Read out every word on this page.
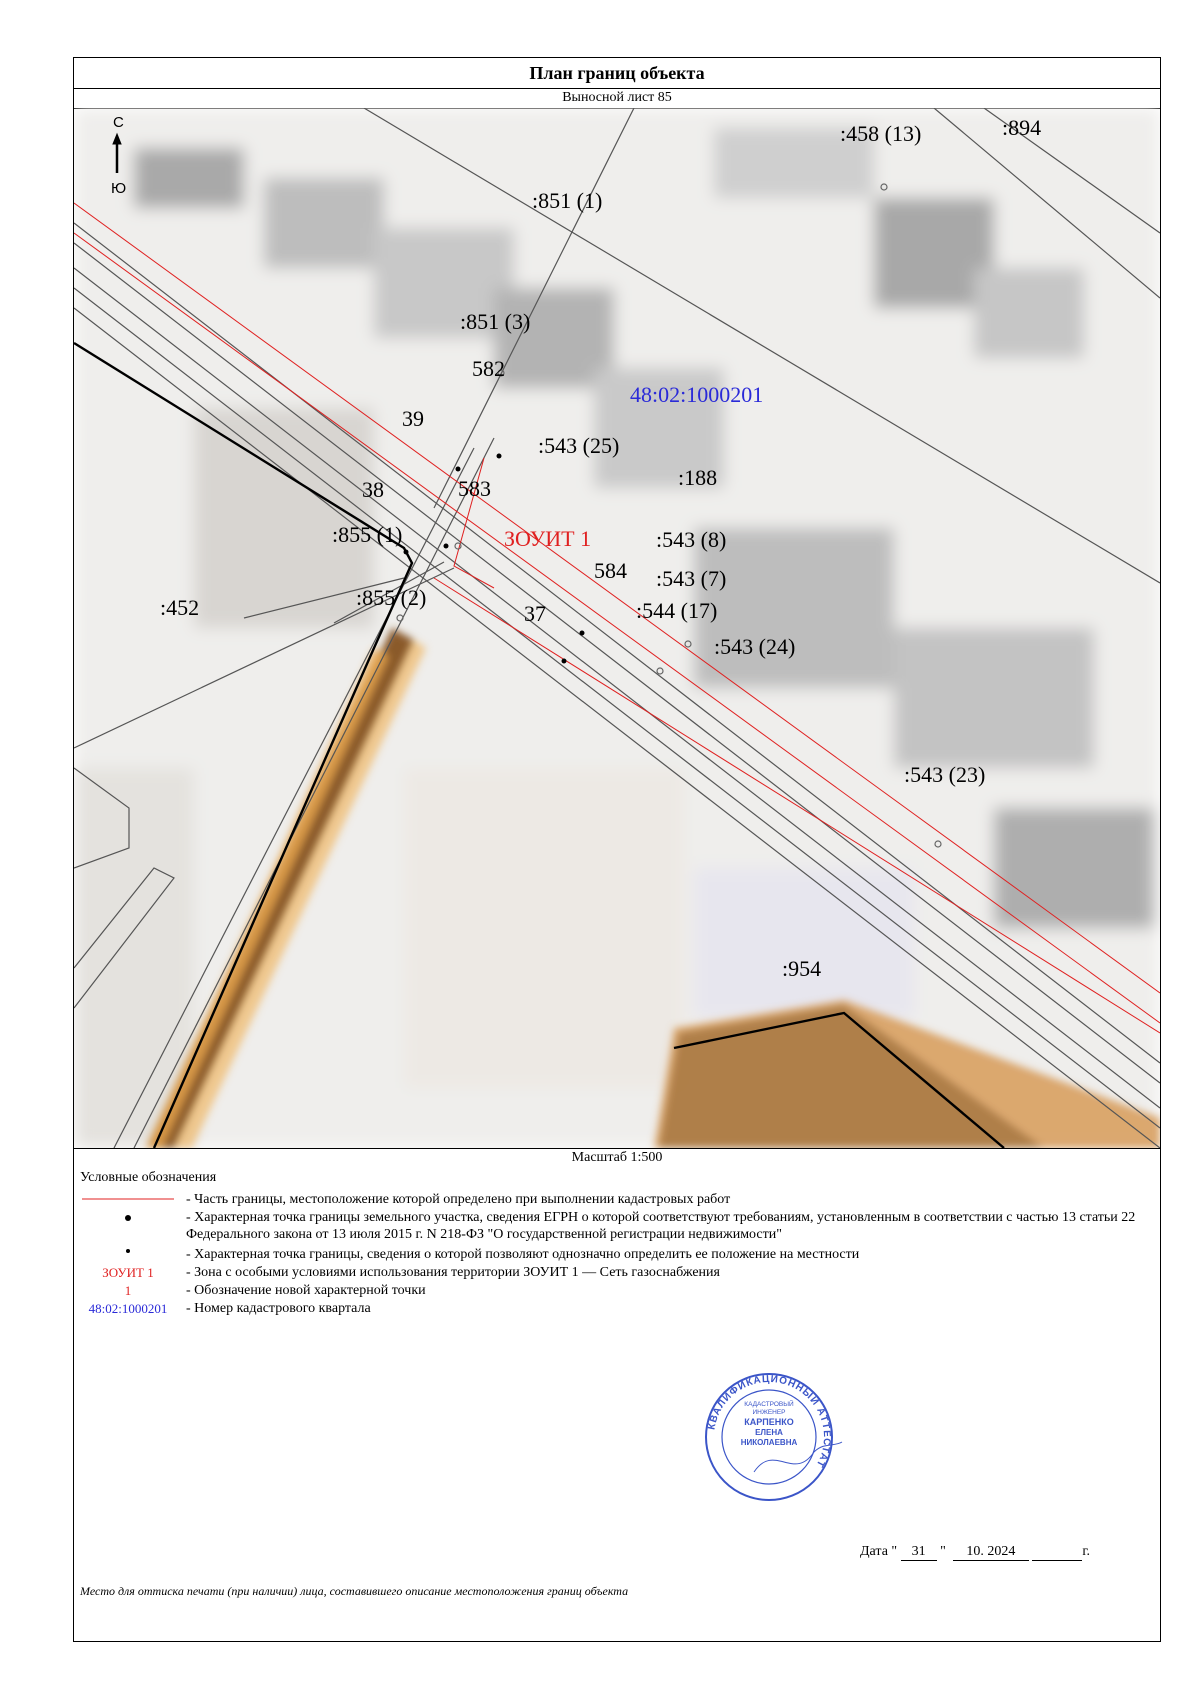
План границ объекта
Выносной лист 85
С
Ю
:458 (13)	:894
:851 (1)
:851 (3)
582
48:02:1000201
39
:543 (25)
:188
38	583
:855 (1)	ЗОУИТ 1	:543 (8)
584 :543 (7)
:452	:855 (2)
37	:544 (17)
:543 (24)
:543 (23)
:954
Масштаб 1:500
Условные обозначения
- Часть границы, местоположение которой определено при выполнении кадастровых работ
- Характерная точка границы земельного участка, сведения ЕГРН о которой соответствуют требованиям, установленным в соответствии с частью 13 статьи 22 Федерального закона от 13 июля 2015 г. N 218-ФЗ "О государственной регистрации недвижимости"
- Характерная точка границы, сведения о которой позволяют однозначно определить ее положение на местности
ЗОУИТ 1	- Зона с особыми условиями использования территории ЗОУИТ 1 — Сеть газоснабжения
1	- Обозначение новой характерной точки
48:02:1000201	- Номер кадастрового квартала
Дата " 31 "  10. 2024	г.
Место для оттиска печати (при наличии) лица, составившего описание местоположения границ объекта
КВАЛИФИКАЦИОННЫЙ АТТЕСТАТ
КАДАСТРОВЫЙ
ИНЖЕНЕР
КАРПЕНКО
ЕЛЕНА
НИКОЛАЕВНА
